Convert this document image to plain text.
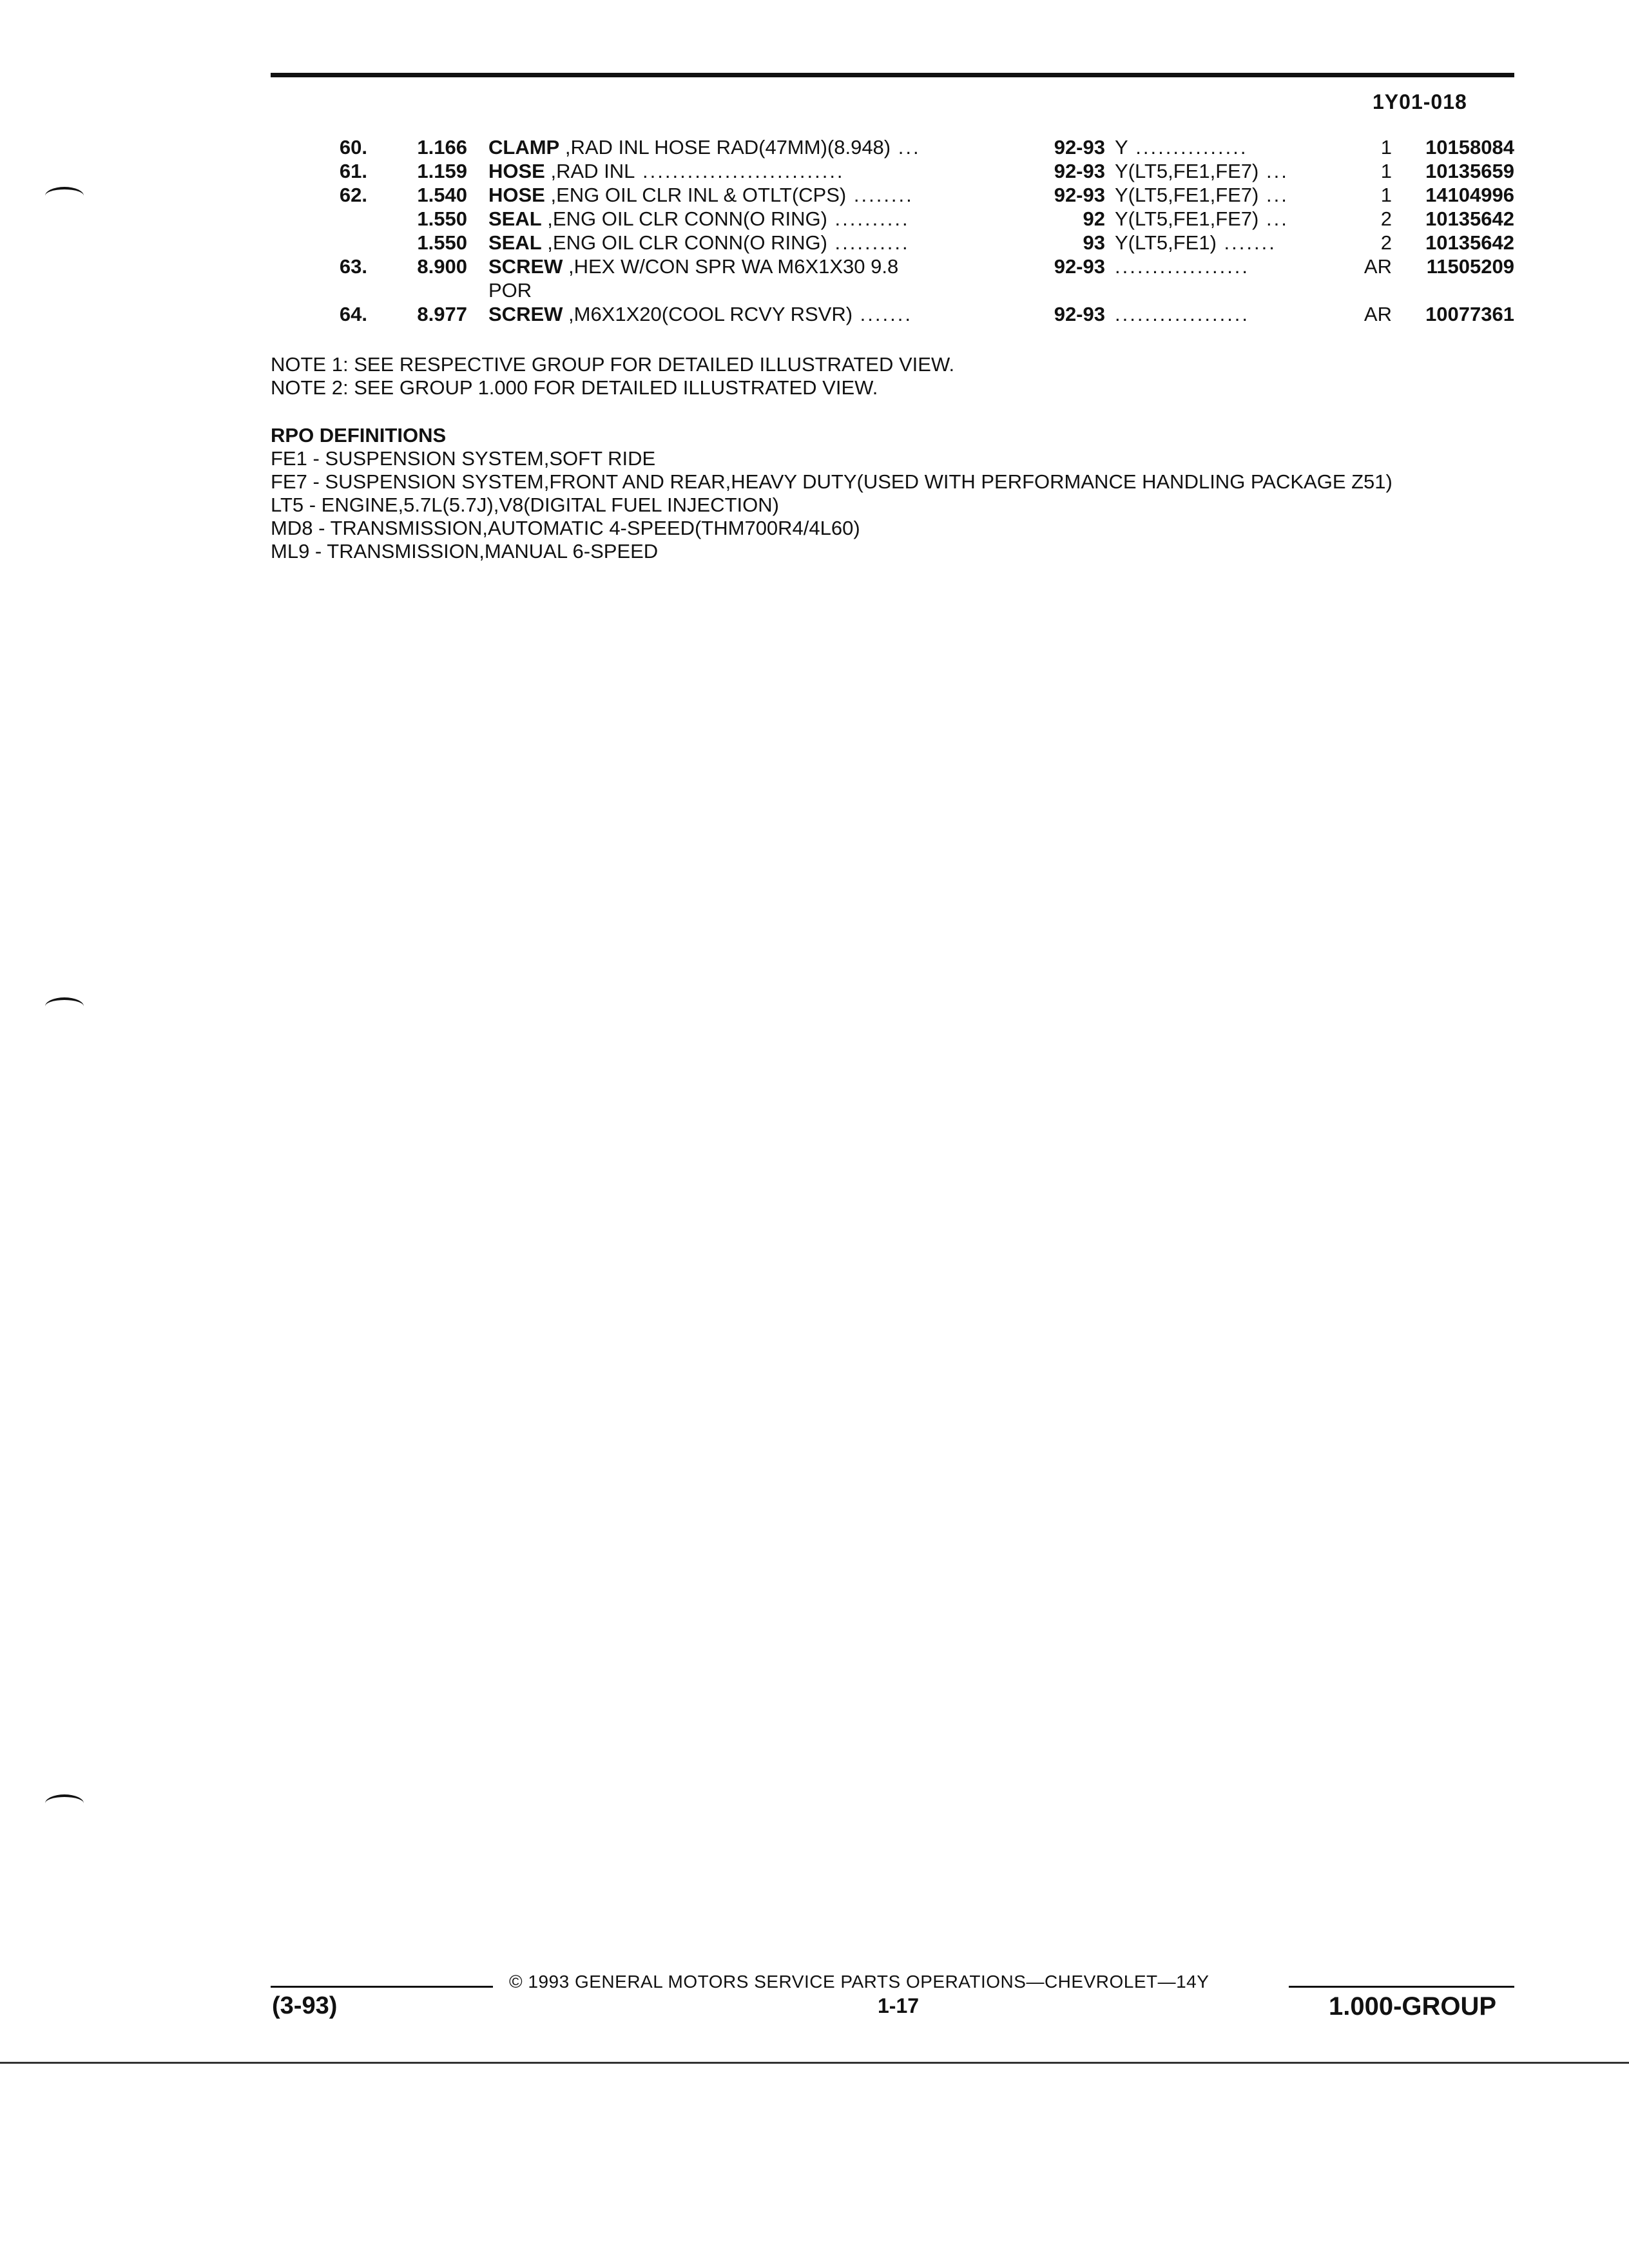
1Y01-018
60.	1.166 CLAMP ,RAD INL HOSE RAD(47MM)(8.948) ...	92-93 Y ...............	1	10158084
61.	1.159 HOSE ,RAD INL ...........................	92-93 Y(LT5,FE1,FE7) ...	1	10135659
62.	1.540 HOSE ,ENG OIL CLR INL & OTLT(CPS) ........	92-93 Y(LT5,FE1,FE7) ...	1	14104996
1.550 SEAL ,ENG OIL CLR CONN(O RING) ..........	92 Y(LT5,FE1,FE7) ...	2	10135642
1.550 SEAL ,ENG OIL CLR CONN(O RING) ..........	93 Y(LT5,FE1) .......	2	10135642
63.	8.900 SCREW ,HEX W/CON SPR WA M6X1X30 9.8
POR
92-93 ..................	AR	11505209
64.	8.977 SCREW ,M6X1X20(COOL RCVY RSVR) .......	92-93 ..................	AR	10077361
NOTE 1: SEE RESPECTIVE GROUP FOR DETAILED ILLUSTRATED VIEW.
NOTE 2: SEE GROUP 1.000 FOR DETAILED ILLUSTRATED VIEW.
RPO DEFINITIONS
FE1 - SUSPENSION SYSTEM,SOFT RIDE
FE7 - SUSPENSION SYSTEM,FRONT AND REAR,HEAVY DUTY(USED WITH PERFORMANCE HANDLING PACKAGE Z51)
LT5 - ENGINE,5.7L(5.7J),V8(DIGITAL FUEL INJECTION)
MD8 - TRANSMISSION,AUTOMATIC 4-SPEED(THM700R4/4L60)
ML9 - TRANSMISSION,MANUAL 6-SPEED
© 1993 GENERAL MOTORS SERVICE PARTS OPERATIONS—CHEVROLET—14Y
(3-93)	1-17	1.000-GROUP
